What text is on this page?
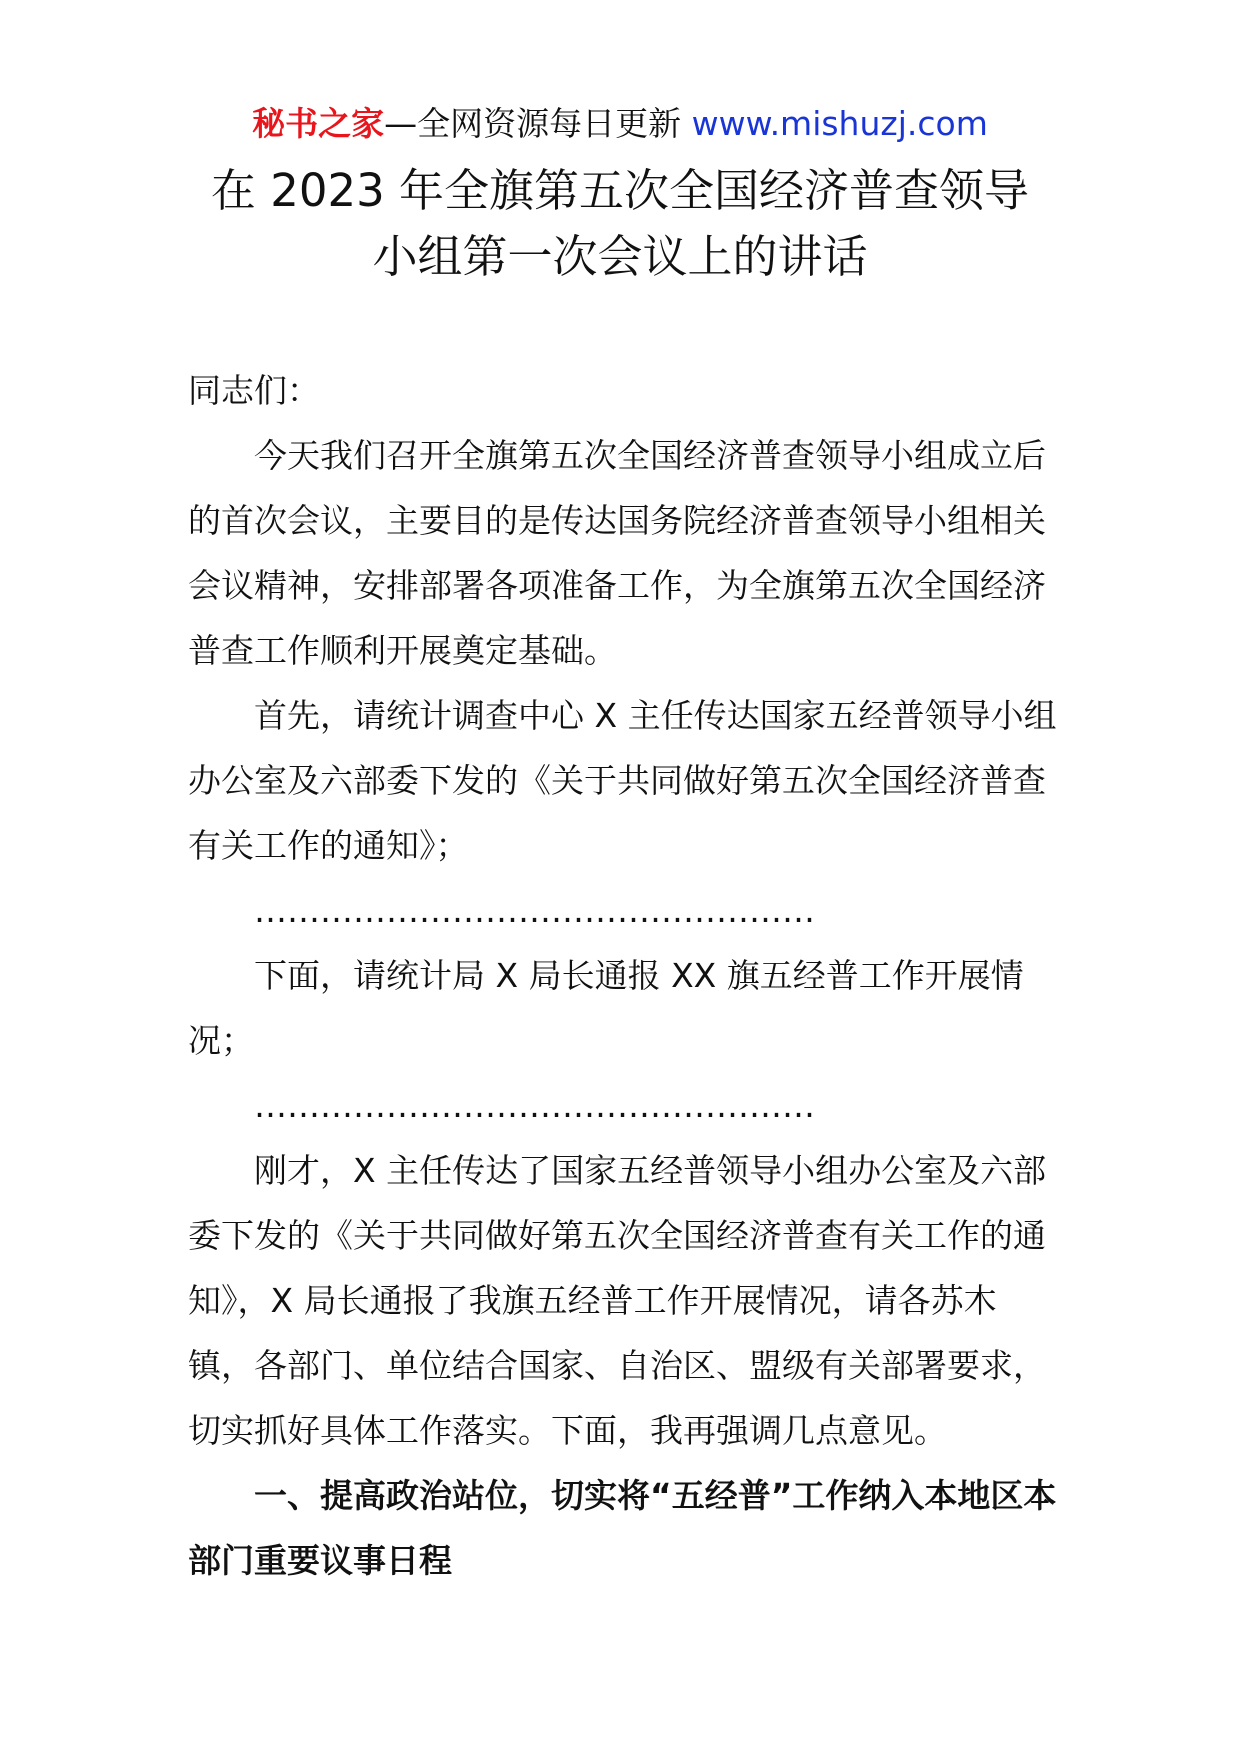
秘书之家—全网资源每日更新 www.mishuzj.com
在 2023 年全旗第五次全国经济普查领导
小组第一次会议上的讲话

同志们：

今天我们召开全旗第五次全国经济普查领导小组成立后的首次会议，主要目的是传达国务院经济普查领导小组相关会议精神，安排部署各项准备工作，为全旗第五次全国经济普查工作顺利开展奠定基础。

首先，请统计调查中心 X 主任传达国家五经普领导小组办公室及六部委下发的《关于共同做好第五次全国经济普查有关工作的通知》；

……………………………………………

下面，请统计局 X 局长通报 XX 旗五经普工作开展情况；

……………………………………………

刚才，X 主任传达了国家五经普领导小组办公室及六部委下发的《关于共同做好第五次全国经济普查有关工作的通知》，X 局长通报了我旗五经普工作开展情况，请各苏木镇，各部门、单位结合国家、自治区、盟级有关部署要求，切实抓好具体工作落实。下面，我再强调几点意见。

一、提高政治站位，切实将“五经普”工作纳入本地区本部门重要议事日程
